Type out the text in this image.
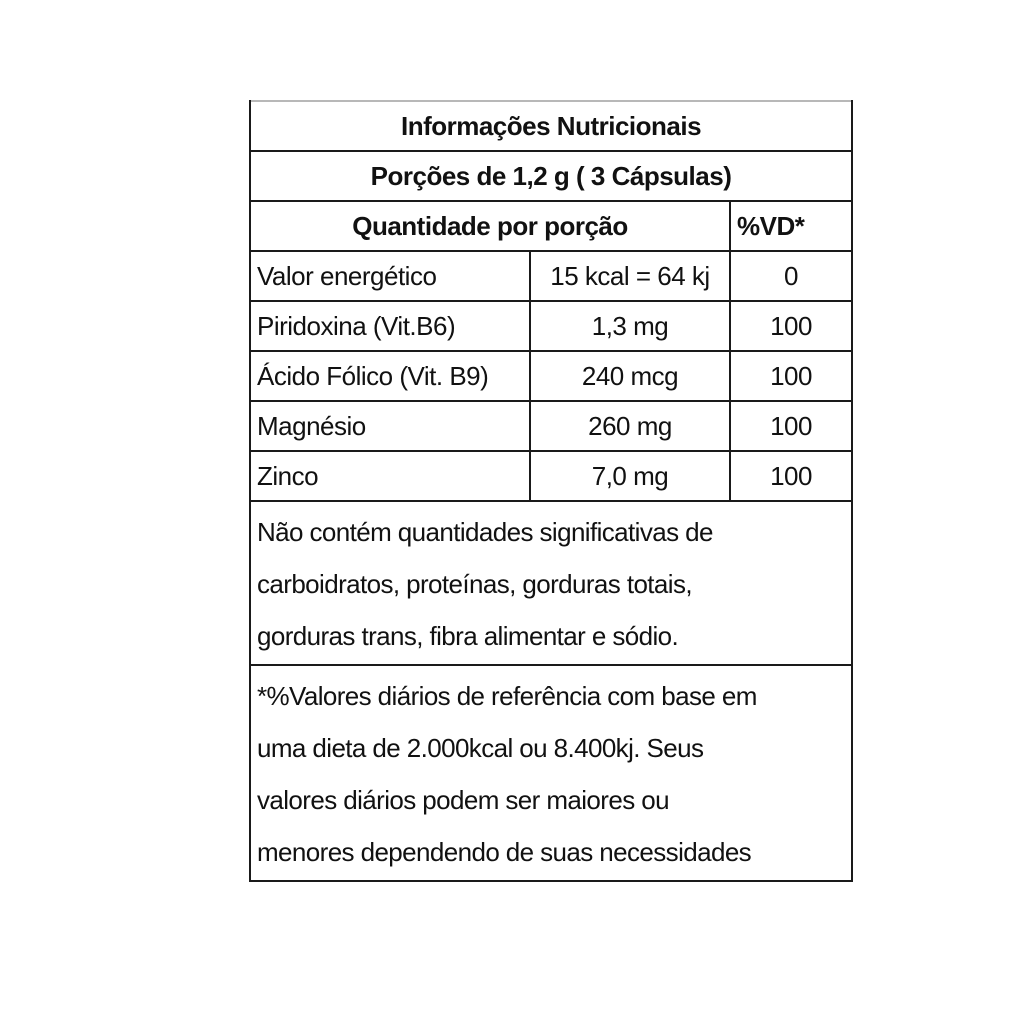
Informações Nutricionais		
Porções de 1,2 g ( 3 Cápsulas)		
Quantidade por porção		%VD*
Valor energético	15 kcal = 64 kj	0
Piridoxina (Vit.B6)	1,3 mg	100
Ácido Fólico (Vit. B9)	240 mcg	100
Magnésio	260 mg	100
Zinco	7,0 mg	100

Não contém quantidades significativas de
carboidratos, proteínas, gorduras totais,
gorduras trans, fibra alimentar e sódio.		

*%Valores diários de referência com base em
uma dieta de 2.000kcal ou 8.400kj. Seus
valores diários podem ser maiores ou
menores dependendo de suas necessidades		
